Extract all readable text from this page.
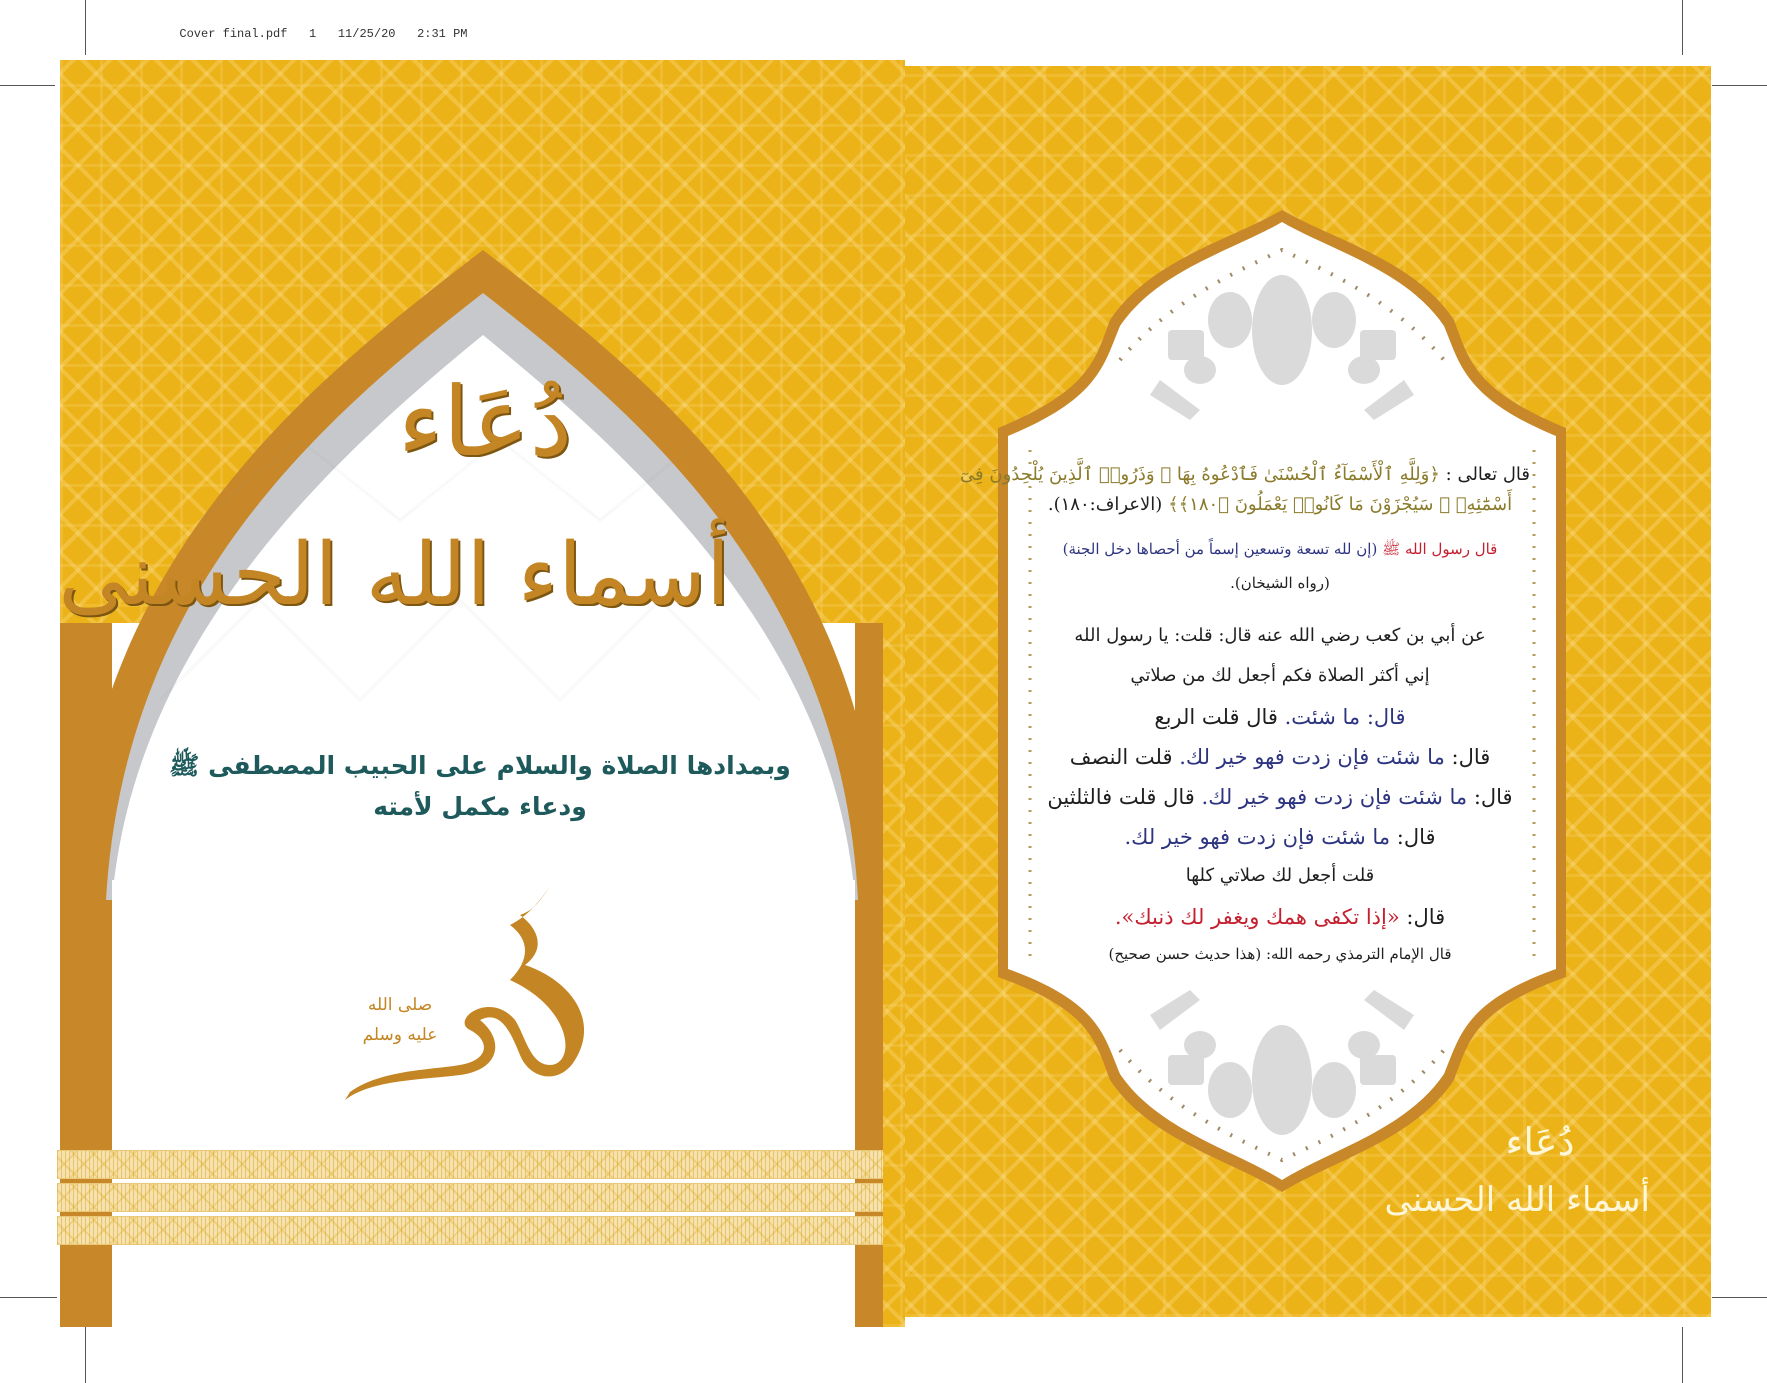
Cover final.pdf 1 11/25/20 2:31 PM

دُعَاء
أسماء الله الحسنى
وبمدادها الصلاة والسلام على الحبيب المصطفى ﷺ
ودعاء مكمل لأمته
صلى الله عليه وسلم
قال تعالى : ﴿وَلِلَّهِ ٱلْأَسْمَآءُ ٱلْحُسْنَىٰ فَٱدْعُوهُ بِهَا ۖ وَذَرُوا۟ ٱلَّذِينَ يُلْحِدُونَ فِىٓ
أَسْمَٰٓئِهِۦ ۚ سَيُجْزَوْنَ مَا كَانُوا۟ يَعْمَلُونَ ﴿١٨٠﴾﴾ (الاعراف:١٨٠).
قال رسول الله ﷺ (إن لله تسعة وتسعين إسماً من أحصاها دخل الجنة)
(رواه الشيخان).
عن أبي بن كعب رضي الله عنه قال: قلت: يا رسول الله
إني أكثر الصلاة فكم أجعل لك من صلاتي
قال: ما شئت. قال قلت الربع
قال: ما شئت فإن زدت فهو خير لك. قلت النصف
قال: ما شئت فإن زدت فهو خير لك. قال قلت فالثلثين
قال: ما شئت فإن زدت فهو خير لك.
قلت أجعل لك صلاتي كلها
قال: «إذا تكفى همك ويغفر لك ذنبك».
قال الإمام الترمذي رحمه الله: (هذا حديث حسن صحيح)
دُعَاء
أسماء الله الحسنى
